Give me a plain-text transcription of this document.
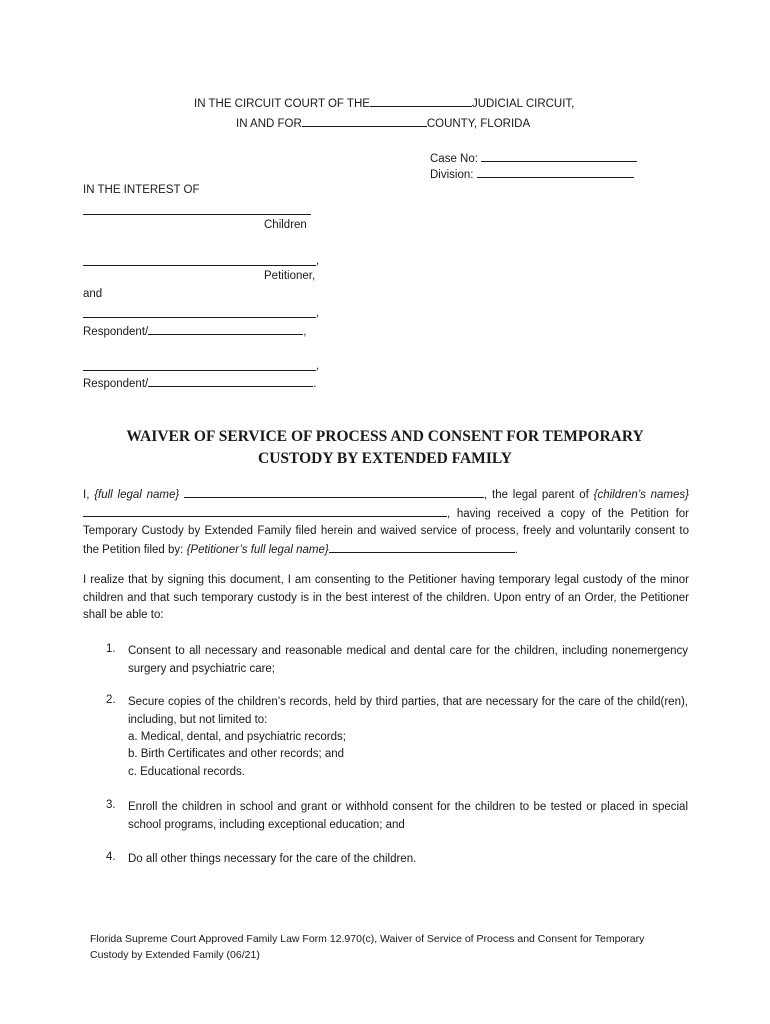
IN THE CIRCUIT COURT OF THE	JUDICIAL CIRCUIT,
IN AND FOR	COUNTY, FLORIDA
Case No:
Division:
IN THE INTEREST OF
Children
,
Petitioner,
and
,
Respondent/	,
,
Respondent/	.
WAIVER OF SERVICE OF PROCESS AND CONSENT FOR TEMPORARY
CUSTODY BY EXTENDED FAMILY
I, {full legal name}	, the legal parent of {children’s names} , having received a copy of the Petition for Temporary Custody by Extended Family filed herein and waived service of process, freely and voluntarily consent to the Petition filed by: {Petitioner’s full legal name}	.
I realize that by signing this document, I am consenting to the Petitioner having temporary legal custody of the minor children and that such temporary custody is in the best interest of the children. Upon entry of an Order, the Petitioner shall be able to:
1. Consent to all necessary and reasonable medical and dental care for the children, including nonemergency surgery and psychiatric care;
2. Secure copies of the children’s records, held by third parties, that are necessary for the care of the child(ren), including, but not limited to:
a. Medical, dental, and psychiatric records;
b. Birth Certificates and other records; and
c. Educational records.
3. Enroll the children in school and grant or withhold consent for the children to be tested or placed in special school programs, including exceptional education; and
4. Do all other things necessary for the care of the children.
Florida Supreme Court Approved Family Law Form 12.970(c), Waiver of Service of Process and Consent for Temporary Custody by Extended Family (06/21)
